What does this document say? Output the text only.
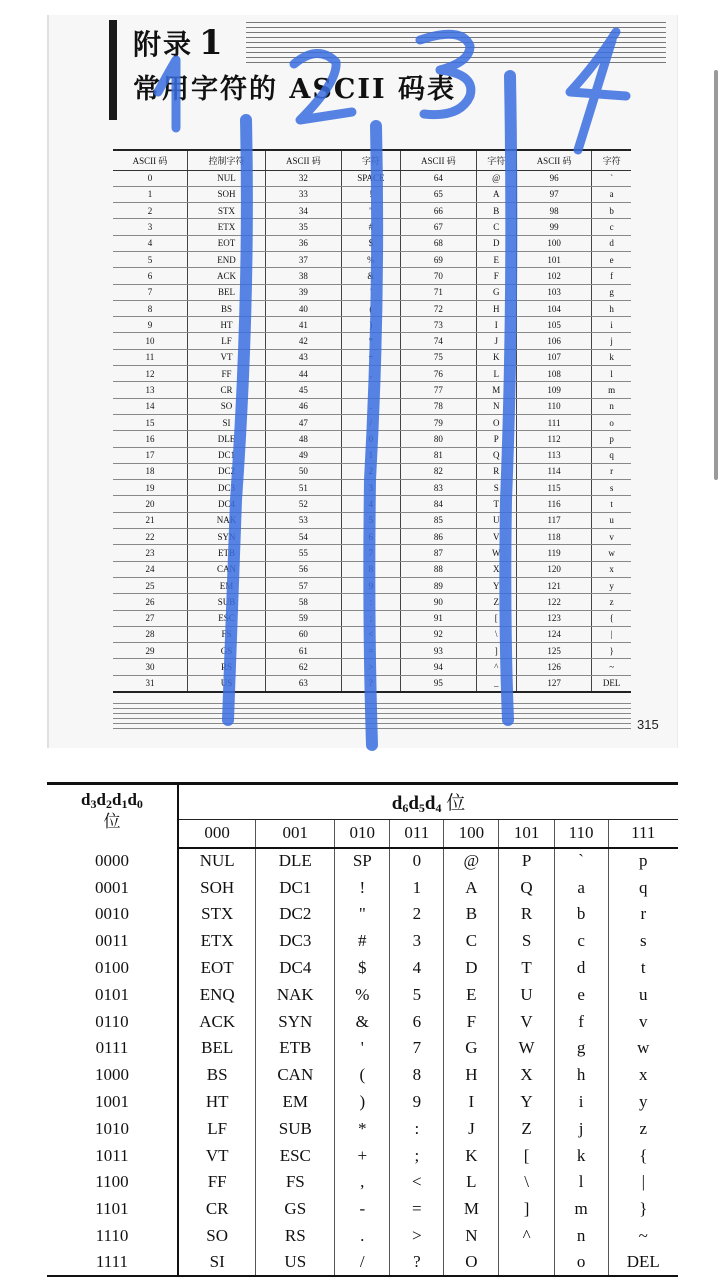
附录 1
常用字符的 ASCII 码表
ASCII 码	控制字符	ASCII 码	字符	ASCII 码	字符	ASCII 码	字符
0	NUL	32	SPACE	64	@	96	`
1	SOH	33	!	65	A	97	a
2	STX	34	"	66	B	98	b
3	ETX	35	#	67	C	99	c
4	EOT	36	$	68	D	100	d
5	END	37	%	69	E	101	e
6	ACK	38	&	70	F	102	f
7	BEL	39	'	71	G	103	g
8	BS	40	(	72	H	104	h
9	HT	41	)	73	I	105	i
10	LF	42	*	74	J	106	j
11	VT	43	+	75	K	107	k
12	FF	44	,	76	L	108	l
13	CR	45		77	M	109	m
14	SO	46	.	78	N	110	n
15	SI	47	/	79	O	111	o
16	DLE	48	0	80	P	112	p
17	DC1	49	1	81	Q	113	q
18	DC2	50	2	82	R	114	r
19	DC3	51	3	83	S	115	s
20	DC4	52	4	84	T	116	t
21	NAK	53	5	85	U	117	u
22	SYN	54	6	86	V	118	v
23	ETB	55	7	87	W	119	w
24	CAN	56	8	88	X	120	x
25	EM	57	9	89	Y	121	y
26	SUB	58	:	90	Z	122	z
27	ESC	59	;	91	[	123	{
28	FS	60	<	92	\	124	|
29	GS	61	=	93	]	125	}
30	RS	62	>	94	^	126	~
31	US	63	?	95	_	127	DEL
315
$d_3d_2d_1d_0$
位	$d_6d_5d_4$ 位							
	000	001	010	011	100	101	110	111
0000	NUL	DLE	SP	0	@	P	`	p
0001	SOH	DC1	!	1	A	Q	a	q
0010	STX	DC2	"	2	B	R	b	r
0011	ETX	DC3	#	3	C	S	c	s
0100	EOT	DC4	$	4	D	T	d	t
0101	ENQ	NAK	%	5	E	U	e	u
0110	ACK	SYN	&	6	F	V	f	v
0111	BEL	ETB	'	7	G	W	g	w
1000	BS	CAN	(	8	H	X	h	x
1001	HT	EM	)	9	I	Y	i	y
1010	LF	SUB	*	:	J	Z	j	z
1011	VT	ESC	+	;	K	[	k	{
1100	FF	FS	,	<	L	\	l	|
1101	CR	GS	-	=	M	]	m	}
1110	SO	RS	.	>	N	^	n	~
1111	SI	US	/	?	O		o	DEL
